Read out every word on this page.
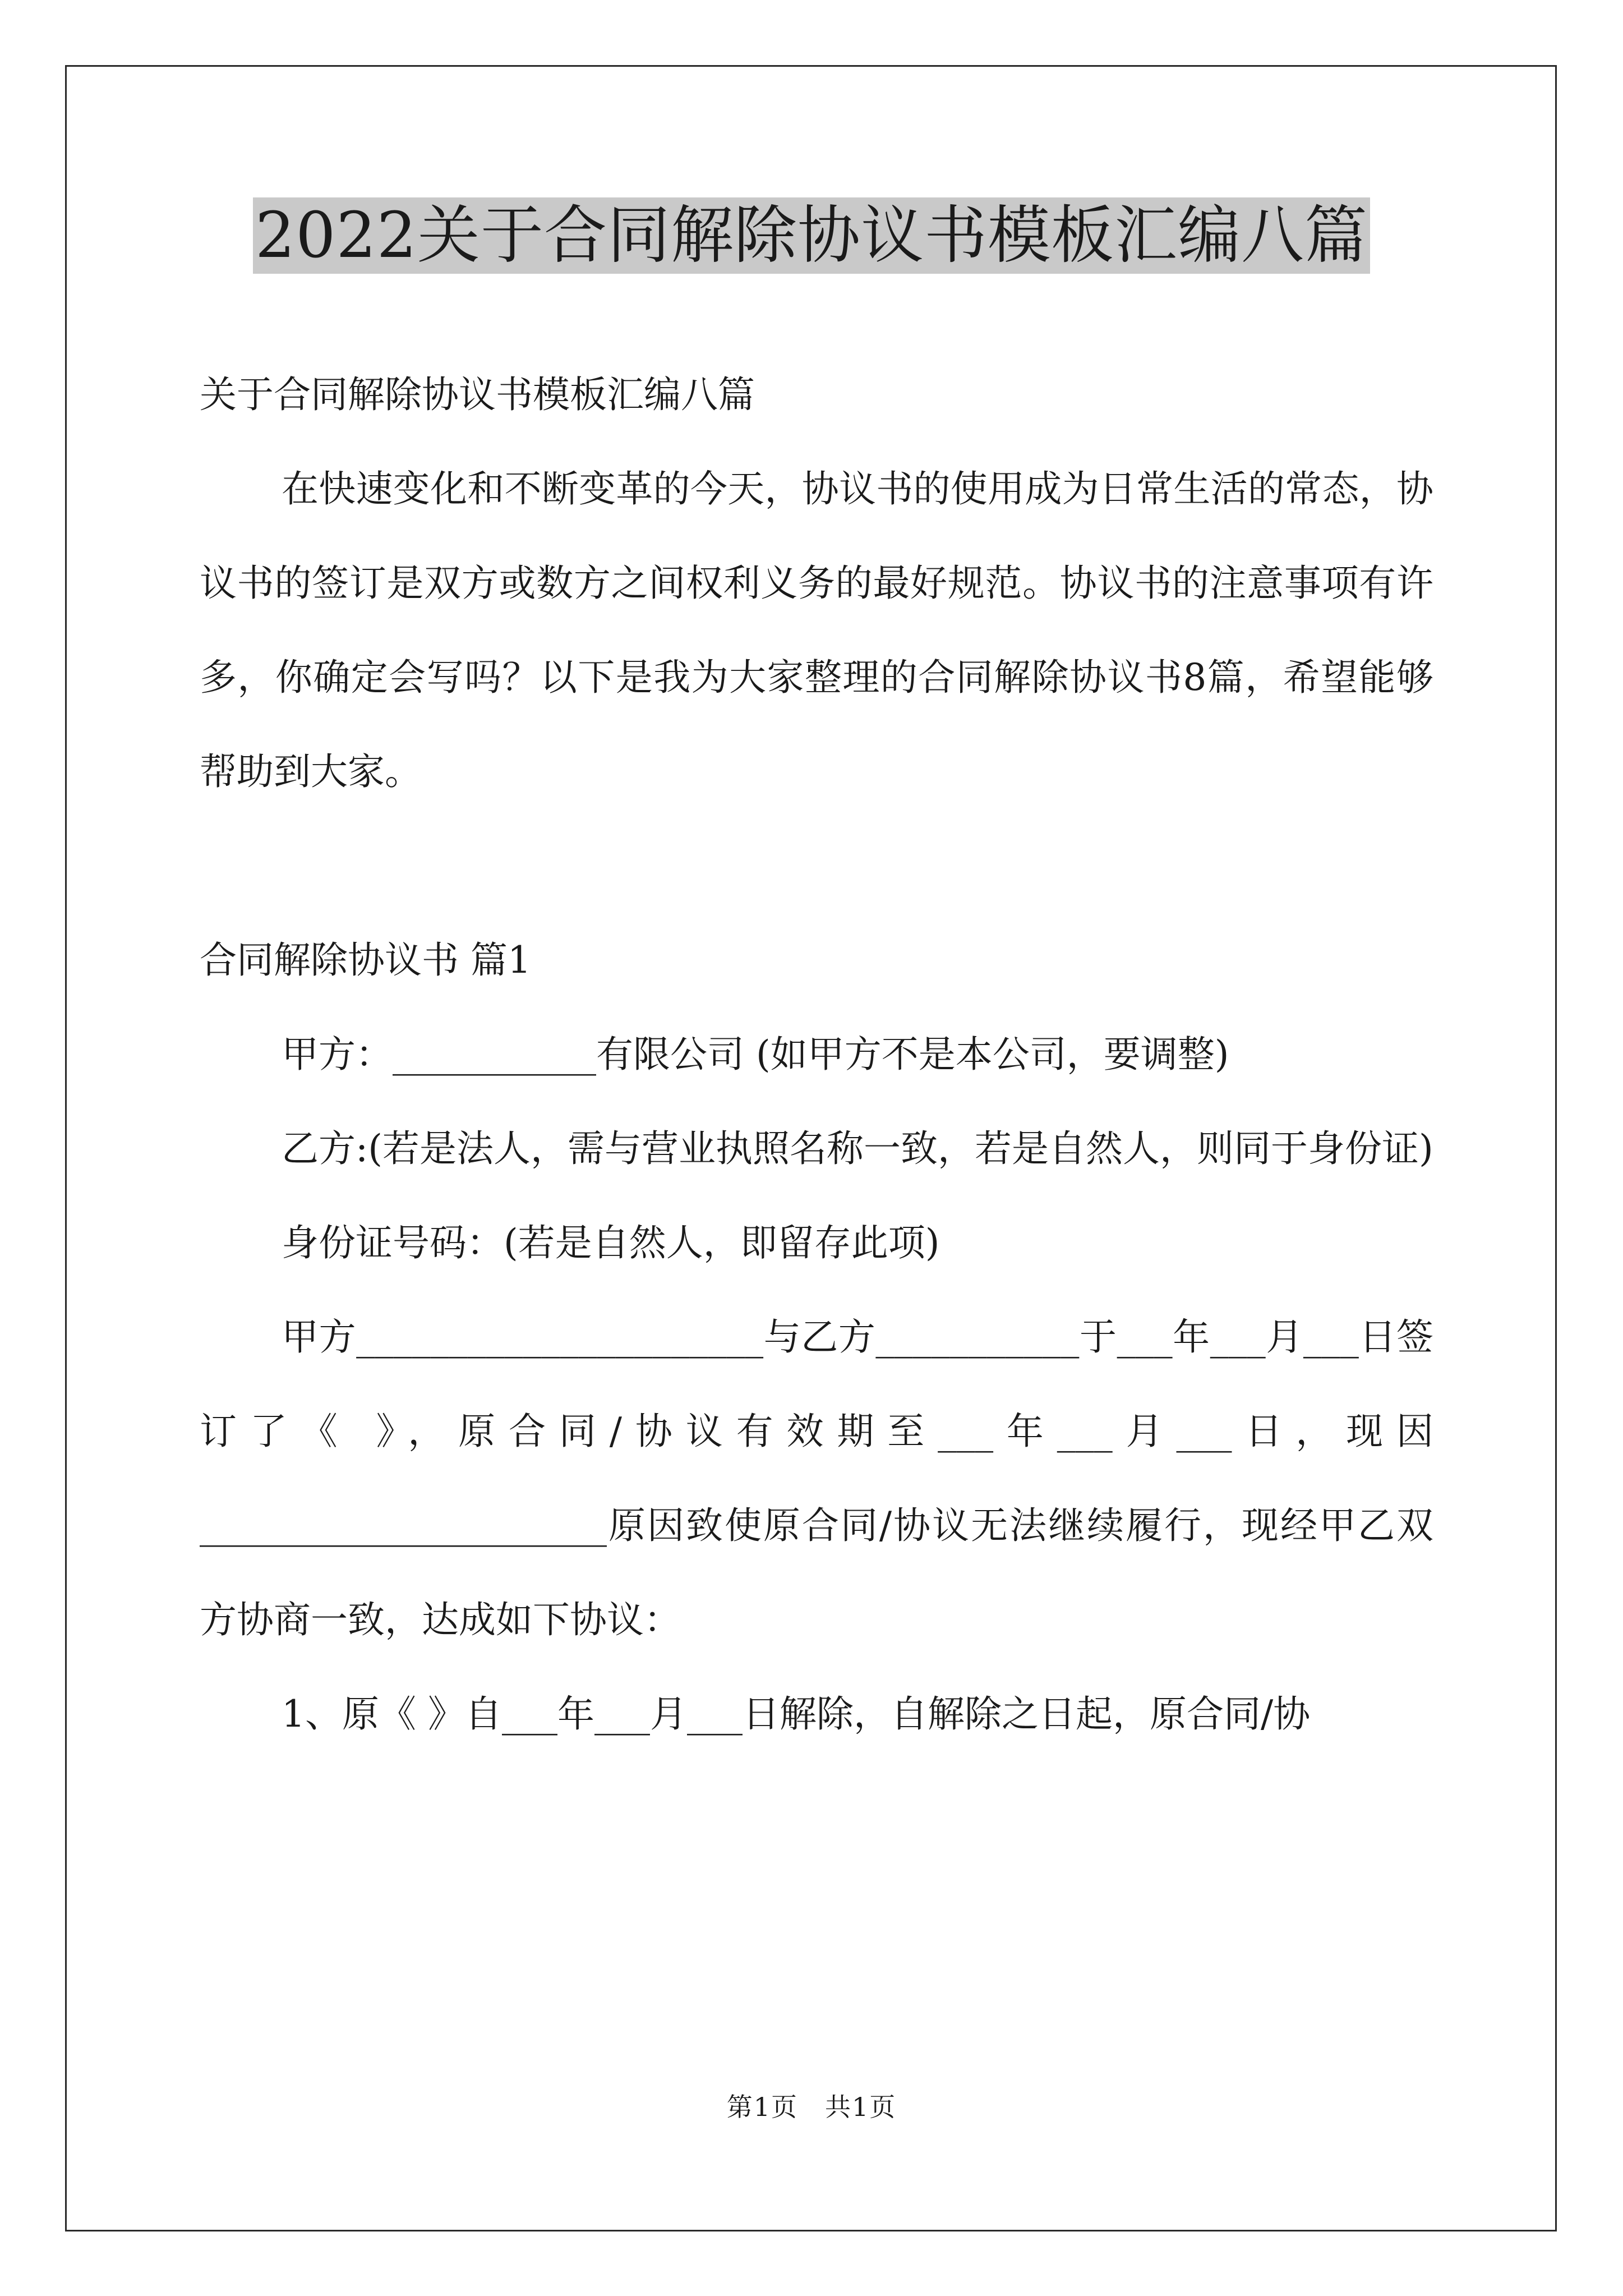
2022关于合同解除协议书模板汇编八篇

关于合同解除协议书模板汇编八篇

在快速变化和不断变革的今天，协议书的使用成为日常生活的常态，协议书的签订是双方或数方之间权利义务的最好规范。协议书的注意事项有许多，你确定会写吗？以下是我为大家整理的合同解除协议书8篇，希望能够帮助到大家。

合同解除协议书 篇1

甲方：___________有限公司 (如甲方不是本公司，要调整)

乙方:(若是法人，需与营业执照名称一致，若是自然人，则同于身份证)

身份证号码：(若是自然人，即留存此项)

甲方______________________与乙方___________于___年___月___日签订了《 》，原合同/协议有效期至___年___月___日，现因______________________原因致使原合同/协议无法继续履行，现经甲乙双方协商一致，达成如下协议：

1、原《 》自___年___月___日解除，自解除之日起，原合同/协

第1页　共1页
